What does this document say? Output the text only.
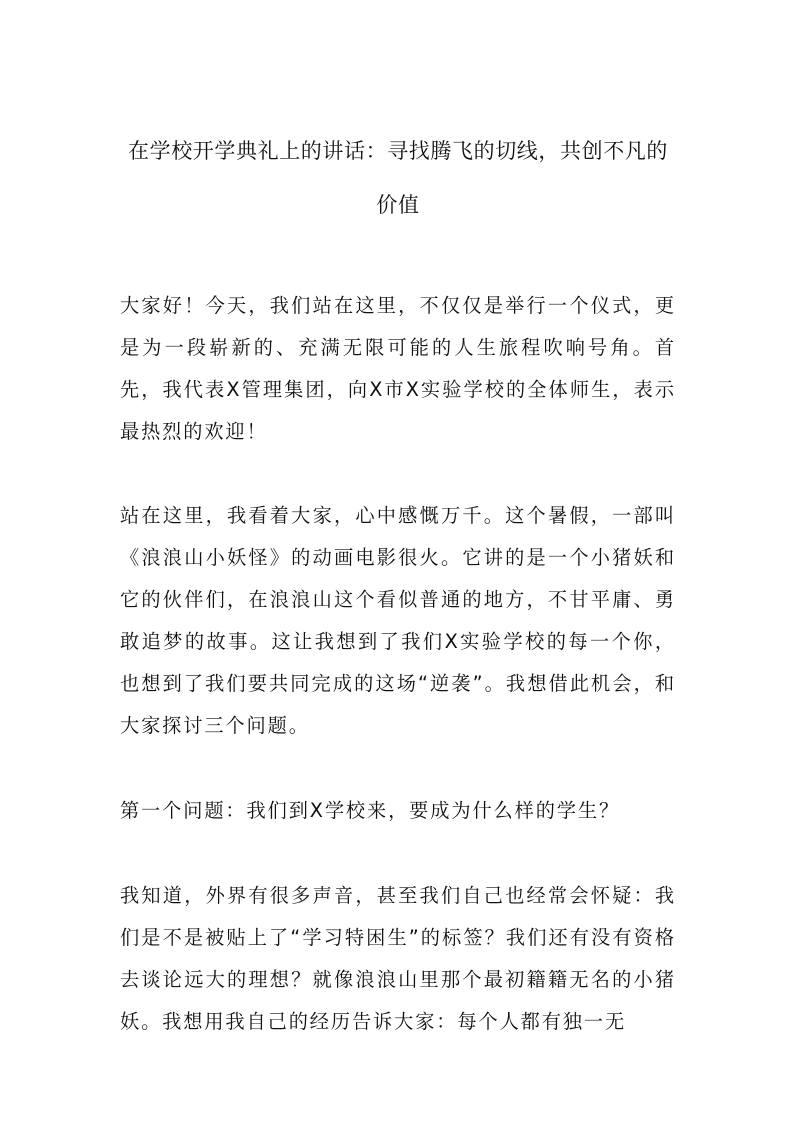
在学校开学典礼上的讲话：寻找腾飞的切线，共创不凡的价值

大家好！今天，我们站在这里，不仅仅是举行一个仪式，更是为一段崭新的、充满无限可能的人生旅程吹响号角。首先，我代表X管理集团，向X市X实验学校的全体师生，表示最热烈的欢迎！

站在这里，我看着大家，心中感慨万千。这个暑假，一部叫《浪浪山小妖怪》的动画电影很火。它讲的是一个小猪妖和它的伙伴们，在浪浪山这个看似普通的地方，不甘平庸、勇敢追梦的故事。这让我想到了我们X实验学校的每一个你，也想到了我们要共同完成的这场“逆袭”。我想借此机会，和大家探讨三个问题。

第一个问题：我们到X学校来，要成为什么样的学生？

我知道，外界有很多声音，甚至我们自己也经常会怀疑：我们是不是被贴上了“学习特困生”的标签？我们还有没有资格去谈论远大的理想？就像浪浪山里那个最初籍籍无名的小猪妖。我想用我自己的经历告诉大家：每个人都有独一无
